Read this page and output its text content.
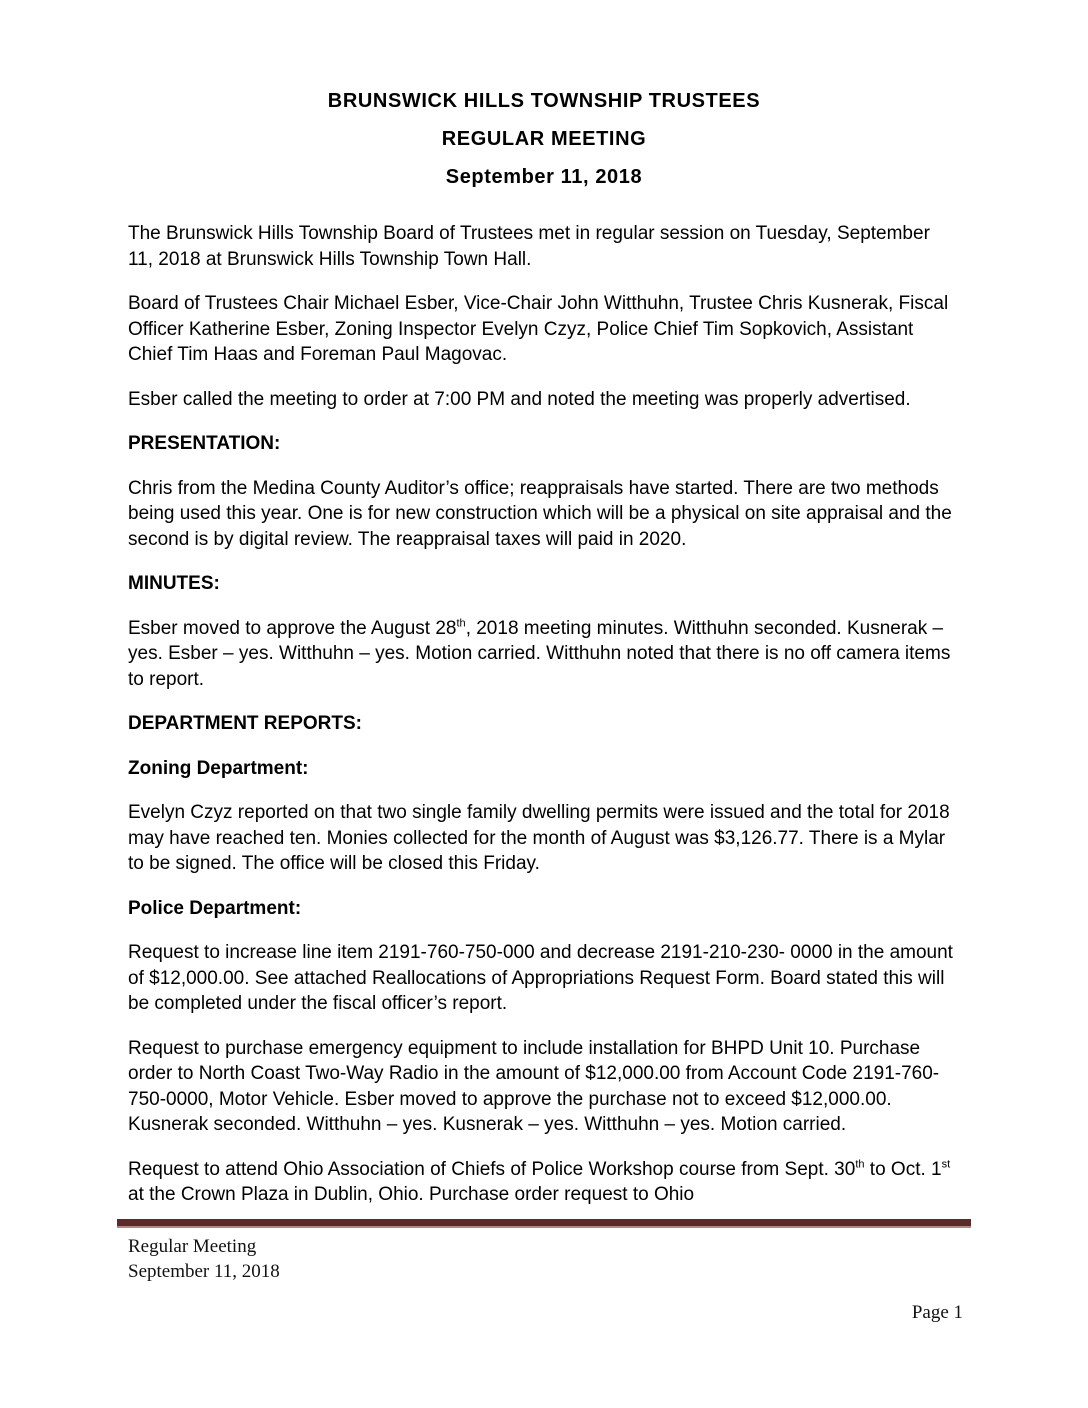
BRUNSWICK HILLS TOWNSHIP TRUSTEES
REGULAR MEETING
September 11, 2018

The Brunswick Hills Township Board of Trustees met in regular session on Tuesday, September 11, 2018 at Brunswick Hills Township Town Hall.

Board of Trustees Chair Michael Esber, Vice-Chair John Witthuhn, Trustee Chris Kusnerak, Fiscal Officer Katherine Esber, Zoning Inspector Evelyn Czyz, Police Chief Tim Sopkovich, Assistant Chief Tim Haas and Foreman Paul Magovac.

Esber called the meeting to order at 7:00 PM and noted the meeting was properly advertised.

PRESENTATION:

Chris from the Medina County Auditor’s office; reappraisals have started. There are two methods being used this year. One is for new construction which will be a physical on site appraisal and the second is by digital review. The reappraisal taxes will paid in 2020.

MINUTES:

Esber moved to approve the August 28th, 2018 meeting minutes. Witthuhn seconded. Kusnerak – yes. Esber – yes. Witthuhn – yes. Motion carried. Witthuhn noted that there is no off camera items to report.

DEPARTMENT REPORTS:
Zoning Department:

Evelyn Czyz reported on that two single family dwelling permits were issued and the total for 2018 may have reached ten. Monies collected for the month of August was $3,126.77. There is a Mylar to be signed. The office will be closed this Friday.

Police Department:

Request to increase line item 2191-760-750-000 and decrease 2191-210-230- 0000 in the amount of $12,000.00. See attached Reallocations of Appropriations Request Form. Board stated this will be completed under the fiscal officer’s report.

Request to purchase emergency equipment to include installation for BHPD Unit 10. Purchase order to North Coast Two-Way Radio in the amount of $12,000.00 from Account Code 2191-760-750-0000, Motor Vehicle. Esber moved to approve the purchase not to exceed $12,000.00. Kusnerak seconded. Witthuhn – yes. Kusnerak – yes. Witthuhn – yes. Motion carried.

Request to attend Ohio Association of Chiefs of Police Workshop course from Sept. 30th to Oct. 1st at the Crown Plaza in Dublin, Ohio. Purchase order request to Ohio

Regular Meeting
September 11, 2018
Page 1
